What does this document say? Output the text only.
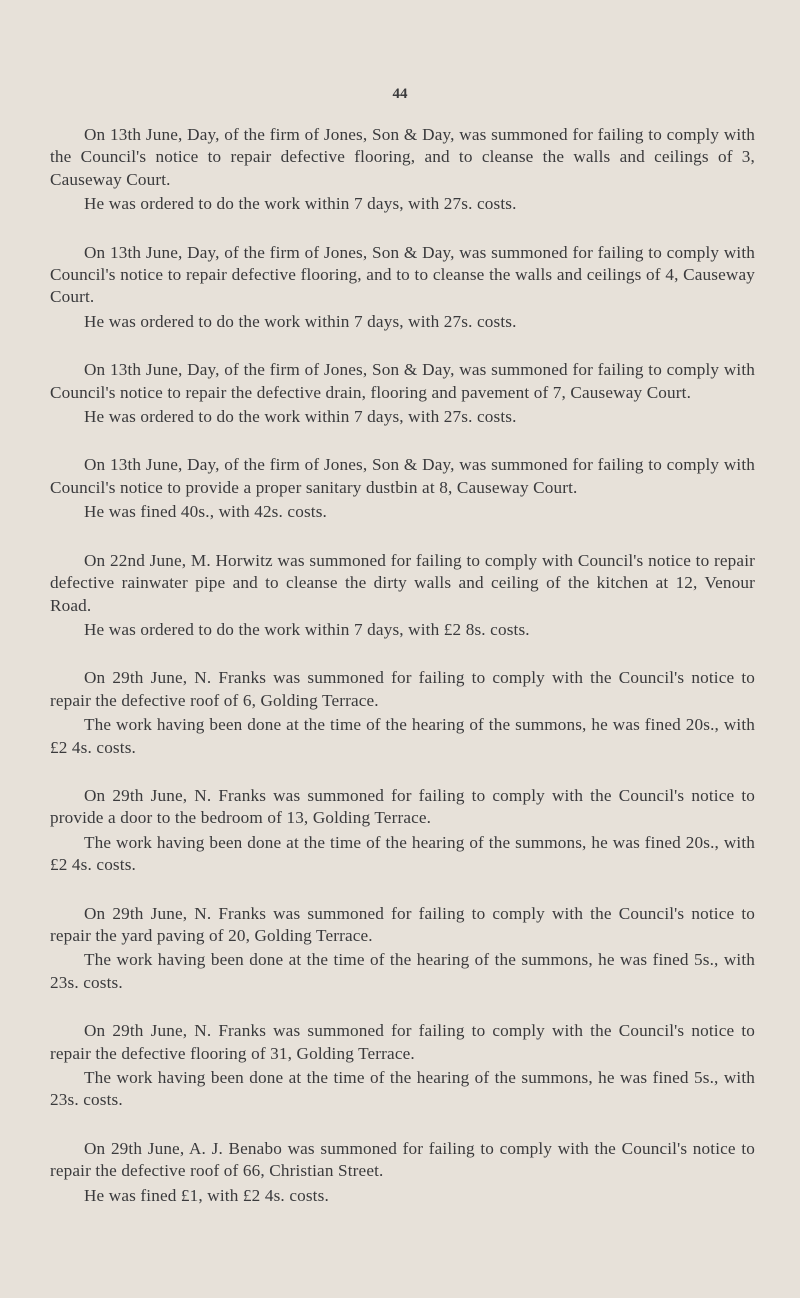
44

On 13th June, Day, of the firm of Jones, Son & Day, was summoned for failing to comply with the Council's notice to repair defective flooring, and to cleanse the walls and ceilings of 3, Causeway Court.

He was ordered to do the work within 7 days, with 27s. costs.

On 13th June, Day, of the firm of Jones, Son & Day, was summoned for failing to comply with Council's notice to repair defective flooring, and to to cleanse the walls and ceilings of 4, Causeway Court.

He was ordered to do the work within 7 days, with 27s. costs.

On 13th June, Day, of the firm of Jones, Son & Day, was summoned for failing to comply with Council's notice to repair the defective drain, flooring and pavement of 7, Causeway Court.

He was ordered to do the work within 7 days, with 27s. costs.

On 13th June, Day, of the firm of Jones, Son & Day, was summoned for failing to comply with Council's notice to provide a proper sanitary dustbin at 8, Causeway Court.

He was fined 40s., with 42s. costs.

On 22nd June, M. Horwitz was summoned for failing to comply with Council's notice to repair defective rainwater pipe and to cleanse the dirty walls and ceiling of the kitchen at 12, Venour Road.

He was ordered to do the work within 7 days, with £2 8s. costs.

On 29th June, N. Franks was summoned for failing to comply with the Council's notice to repair the defective roof of 6, Golding Terrace.

The work having been done at the time of the hearing of the summons, he was fined 20s., with £2 4s. costs.

On 29th June, N. Franks was summoned for failing to comply with the Council's notice to provide a door to the bedroom of 13, Golding Terrace.

The work having been done at the time of the hearing of the summons, he was fined 20s., with £2 4s. costs.

On 29th June, N. Franks was summoned for failing to comply with the Council's notice to repair the yard paving of 20, Golding Terrace.

The work having been done at the time of the hearing of the summons, he was fined 5s., with 23s. costs.

On 29th June, N. Franks was summoned for failing to comply with the Council's notice to repair the defective flooring of 31, Golding Terrace.

The work having been done at the time of the hearing of the summons, he was fined 5s., with 23s. costs.

On 29th June, A. J. Benabo was summoned for failing to comply with the Council's notice to repair the defective roof of 66, Christian Street.

He was fined £1, with £2 4s. costs.
